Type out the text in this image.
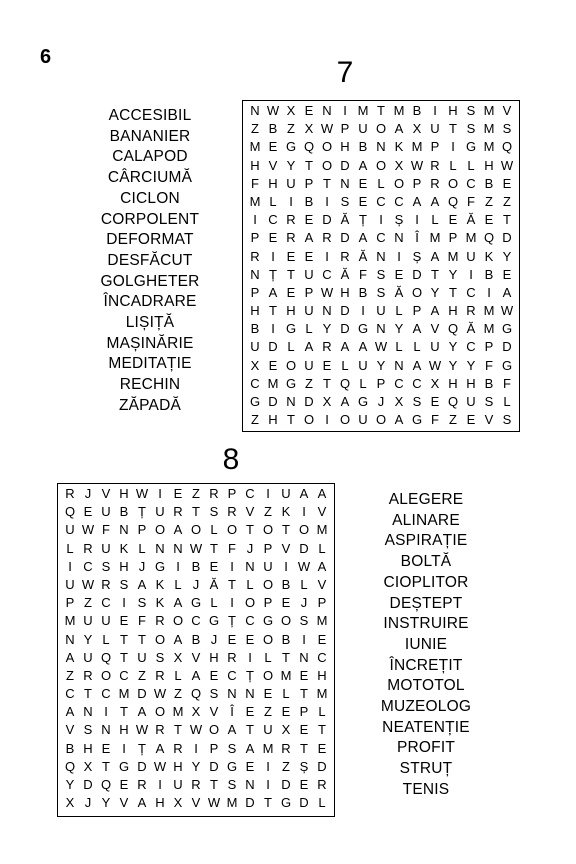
6	7
ACCESIBIL
BANANIER
CALAPOD
CÂRCIUMĂ
CICLON
CORPOLENT
DEFORMAT
DESFĂCUT
GOLGHETER
ÎNCADRARE
LIȘIȚĂ
MAȘINĂRIE
MEDITAȚIE
RECHIN
ZĂPADĂ
N W X E N I M T M B I H S M V
Z B Z X W P U O A X U T S M S
M E G Q O H B N K M P I G M Q
H V Y T O D A O X W R L L H W
F H U P T N E L O P R O C B E
M L I B I S E C C A A Q F Z Z
I C R E D Ă Ț I Ș I L E Ă E T
P E R A R D A C N Î M P M Q D
R I E E I R Ă N I Ș A M U K Y
N Ț T U C Ă F S E D T Y I B E
P A E P W H B S Ă O Y T C I A
H T H U N D I U L P A H R M W
B I G L Y D G N Y A V Q Ă M G
U D L A R A A W L L U Y C P D
X E O U E L U Y N A W Y Y F G
C M G Z T Q L P C C X H H B F
G D N D X A G J X S E Q U S L
Z H T O I O U O A G F Z E V S
8
R J V H W I E Z R P C I U A A
Q E U B Ț U R T S R V Z K I V
U W F N P O A O L O T O T O M
L R U K L N N W T F J P V D L
I C S H J G I B E I N U I W A
U W R S A K L J Ă T L O B L V
P Z C I S K A G L I O P E J P
M U U E F R O C G Ț C G O S M
N Y L T T O A B J E E O B I E
A U Q T U S X V H R I L T N C
Z R O C Z R L A E C Ț O M E H
C T C M D W Z Q S N N E L T M
A N I T A O M X V Î E Z E P L
V S N H W R T W O A T U X E T
B H E I Ț A R I P S A M R T E
Q X T G D W H Y D G E I Z Ș D
Y D Q E R I U R T S N I D E R
X J Y V A H X V W M D T G D L
ALEGERE
ALINARE
ASPIRAȚIE
BOLTĂ
CIOPLITOR
DEȘTEPT
INSTRUIRE
IUNIE
ÎNCREȚIT
MOTOTOL
MUZEOLOG
NEATENȚIE
PROFIT
STRUȚ
TENIS
